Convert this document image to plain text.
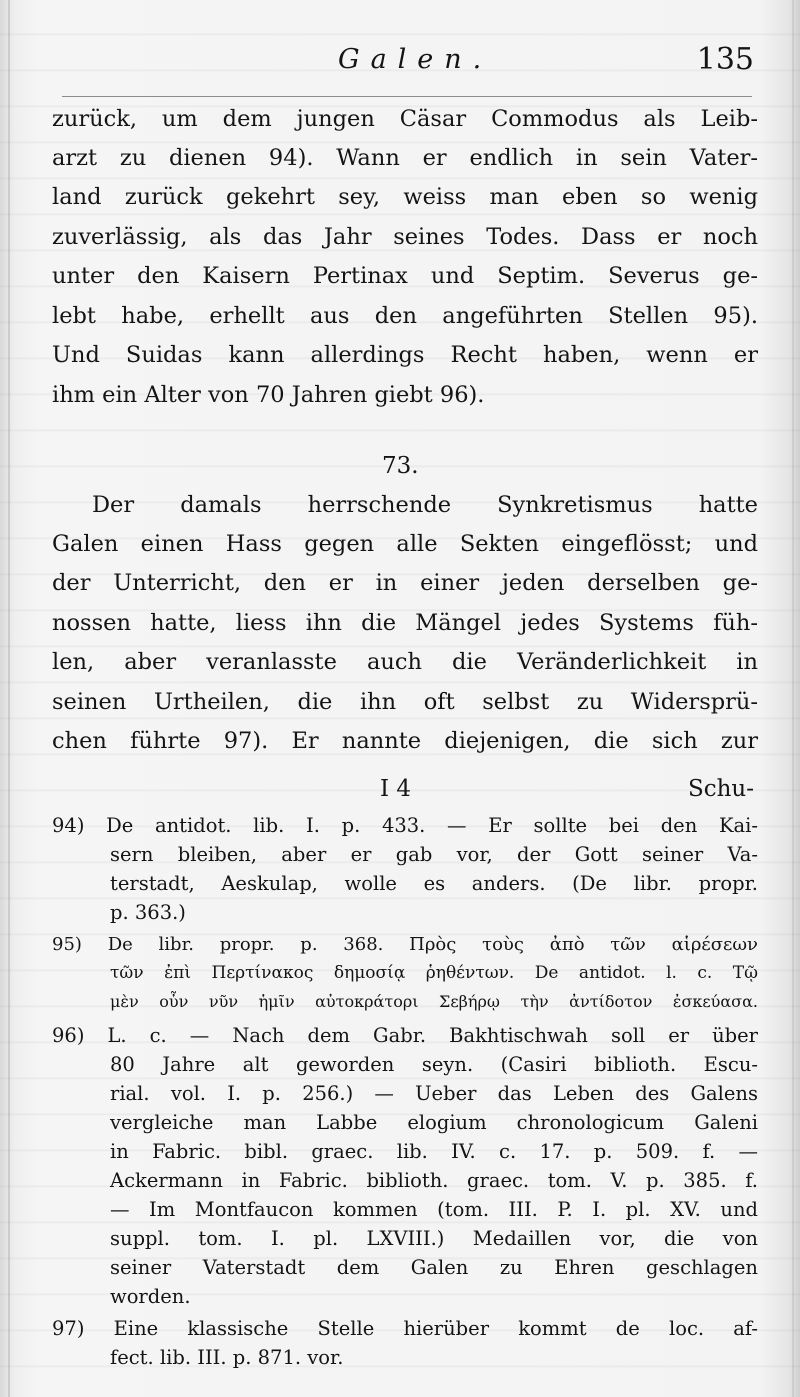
Galen.	135
zurück, um dem jungen Cäsar Commodus als Leib-
arzt zu dienen 94). Wann er endlich in sein Vater-
land zurück gekehrt sey, weiss man eben so wenig
zuverlässig, als das Jahr seines Todes. Dass er noch
unter den Kaisern Pertinax und Septim. Severus ge-
lebt habe, erhellt aus den angeführten Stellen 95).
Und Suidas kann allerdings Recht haben, wenn er
ihm ein Alter von 70 Jahren giebt 96).
73.
Der damals herrschende Synkretismus hatte
Galen einen Hass gegen alle Sekten eingeflösst; und
der Unterricht, den er in einer jeden derselben ge-
nossen hatte, liess ihn die Mängel jedes Systems füh-
len, aber veranlasste auch die Veränderlichkeit in
seinen Urtheilen, die ihn oft selbst zu Widersprü-
chen führte 97). Er nannte diejenigen, die sich zur
I 4	Schu-
94) De antidot. lib. I. p. 433. — Er sollte bei den Kai-
sern bleiben, aber er gab vor, der Gott seiner Va-
terstadt, Aeskulap, wolle es anders. (De libr. propr.
p. 363.)
95) De libr. propr. p. 368. Πρὸς τοὺς ἀπὸ τῶν αἱρέσεων
τῶν ἐπὶ Περτίνακος δημοσίᾳ ῥηθέντων. De antidot. l. c. Τῷ
μὲν οὖν νῦν ἡμῖν αὐτοκράτορι Σεβήρῳ τὴν ἀντίδοτον ἐσκεύασα.
96) L. c. — Nach dem Gabr. Bakhtischwah soll er über
80 Jahre alt geworden seyn. (Casiri biblioth. Escu-
rial. vol. I. p. 256.) — Ueber das Leben des Galens
vergleiche man Labbe elogium chronologicum Galeni
in Fabric. bibl. graec. lib. IV. c. 17. p. 509. f. —
Ackermann in Fabric. biblioth. graec. tom. V. p. 385. f.
— Im Montfaucon kommen (tom. III. P. I. pl. XV. und
suppl. tom. I. pl. LXVIII.) Medaillen vor, die von
seiner Vaterstadt dem Galen zu Ehren geschlagen
worden.
97) Eine klassische Stelle hierüber kommt de loc. af-
fect. lib. III. p. 871. vor.
